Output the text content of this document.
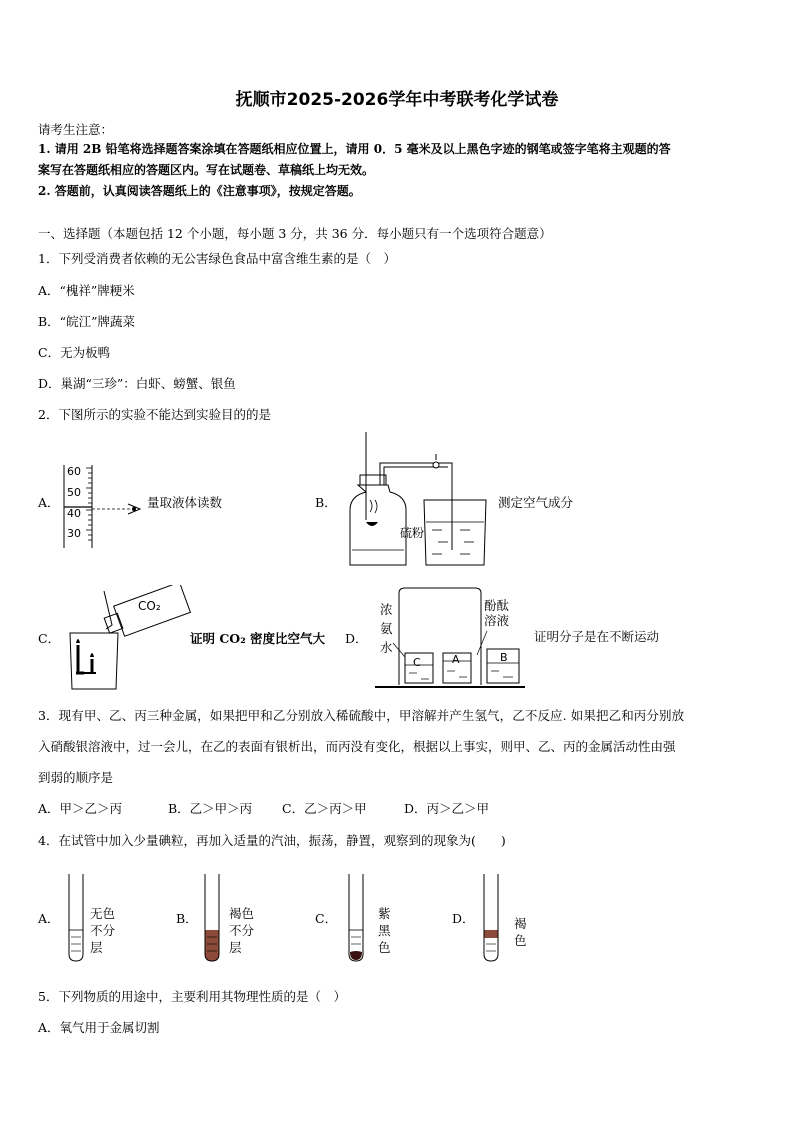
抚顺市2025-2026学年中考联考化学试卷
请考生注意：
1. 请用 2B 铅笔将选择题答案涂填在答题纸相应位置上，请用 0．5 毫米及以上黑色字迹的钢笔或签字笔将主观题的答
案写在答题纸相应的答题区内。写在试题卷、草稿纸上均无效。
2. 答题前，认真阅读答题纸上的《注意事项》，按规定答题。
一、选择题（本题包括 12 个小题，每小题 3 分，共 36 分．每小题只有一个选项符合题意）
1．下列受消费者依赖的无公害绿色食品中富含维生素的是（　）
A．“槐祥”牌粳米
B．“皖江”牌蔬菜
C．无为板鸭
D．巢湖“三珍”：白虾、螃蟹、银鱼
2．下图所示的实验不能达到实验目的的是
A．
60
50
40
30
量取液体读数	B．
硫粉
测定空气成分
C．
CO₂
证明 CO₂ 密度比空气大 D．
浓
氨
水
酚酞
溶液
C	A	B
证明分子是在不断运动
3．现有甲、乙、丙三种金属，如果把甲和乙分别放入稀硫酸中，甲溶解并产生氢气，乙不反应. 如果把乙和丙分别放
入硝酸银溶液中，过一会儿，在乙的表面有银析出，而丙没有变化，根据以上事实，则甲、乙、丙的金属活动性由强
到弱的顺序是
A．甲＞乙＞丙	B．乙＞甲＞丙 C．乙＞丙＞甲	D．丙＞乙＞甲
4．在试管中加入少量碘粒，再加入适量的汽油，振荡，静置，观察到的现象为(　　)
A． 无色
不分
层
B．	褐色
不分
层
C．	紫
黑
色
D．	褐
色
5．下列物质的用途中，主要利用其物理性质的是（　）
A．氧气用于金属切割
